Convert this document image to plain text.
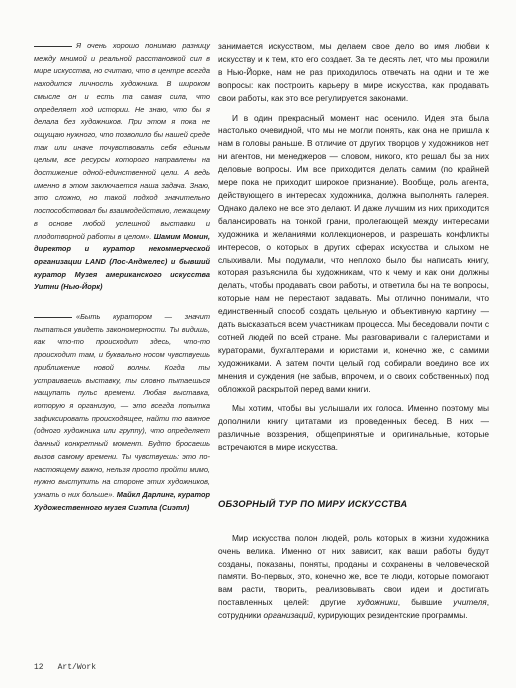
Я очень хорошо понимаю разницу между мнимой и реальной расстановкой сил в мире искусства, но считаю, что в центре всегда находится личность художника. В широком смысле он и есть та самая сила, что определяет ход истории. Не знаю, что бы я делала без художников. При этом я пока не ощущаю нужного, что позволило бы нашей среде так или иначе почувствовать себя единым целым, все ресурсы которого направлены на достижение одной-единственной цели. А ведь именно в этом заключается наша задача. Знаю, это сложно, но такой подход значительно поспособствовал бы взаимодействию, лежащему в основе любой успешной выставки и плодотворной работы в целом». Шамим Момин, директор и куратор некоммерческой организации LAND (Лос-Анджелес) и бывший куратор Музея американского искусства Уитни (Нью-Йорк)

«Быть куратором — значит пытаться увидеть закономерности. Ты видишь, как что-то происходит здесь, что-то происходит там, и буквально носом чувствуешь приближение новой волны. Когда ты устраиваешь выставку, ты словно пытаешься нащупать пульс времени. Любая выставка, которую я организую, — это всегда попытка зафиксировать происходящее, найти то важное (одного художника или группу), что определяет данный конкретный момент. Будто бросаешь вызов самому времени. Ты чувствуешь: это по-настоящему важно, нельзя просто пройти мимо, нужно выступить на стороне этих художников, узнать о них больше». Майкл Дарлинг, куратор Художественного музея Сиэтла (Сиэтл)

занимается искусством, мы делаем свое дело во имя любви к искусству и к тем, кто его создает. За те десять лет, что мы прожили в Нью-Йорке, нам не раз приходилось отвечать на одни и те же вопросы: как построить карьеру в мире искусства, как продавать свои работы, как это все регулируется законами.

И в один прекрасный момент нас осенило. Идея эта была настолько очевидной, что мы не могли понять, как она не пришла к нам в головы раньше. В отличие от других творцов у художников нет ни агентов, ни менеджеров — словом, никого, кто решал бы за них деловые вопросы. Им все приходится делать самим (по крайней мере пока не приходит широкое признание). Вообще, роль агента, действующего в интересах художника, должна выполнять галерея. Однако далеко не все это делают. И даже лучшим из них приходится балансировать на тонкой грани, пролегающей между интересами художника и желаниями коллекционеров, и разрешать конфликты интересов, о которых в других сферах искусства и слыхом не слыхивали. Мы подумали, что неплохо было бы написать книгу, которая разъяснила бы художникам, что к чему и как они должны делать, чтобы продавать свои работы, и ответила бы на те вопросы, которые нам не перестают задавать. Мы отлично понимали, что единственный способ создать цельную и объективную картину — дать высказаться всем участникам процесса. Мы беседовали почти с сотней людей по всей стране. Мы разговаривали с галеристами и кураторами, бухгалтерами и юристами и, конечно же, с самими художниками. А затем почти целый год собирали воедино все их мнения и суждения (не забыв, впрочем, и о своих собственных) под обложкой раскрытой перед вами книги.

Мы хотим, чтобы вы услышали их голоса. Именно поэтому мы дополнили книгу цитатами из проведенных бесед. В них — различные воззрения, общепринятые и оригинальные, которые встречаются в мире искусства.

ОБЗОРНЫЙ ТУР ПО МИРУ ИСКУССТВА

Мир искусства полон людей, роль которых в жизни художника очень велика. Именно от них зависит, как ваши работы будут созданы, показаны, поняты, проданы и сохранены в человеческой памяти. Во-первых, это, конечно же, все те люди, которые помогают вам расти, творить, реализовывать свои идеи и достигать поставленных целей: другие художники, бывшие учителя, сотрудники организаций, курирующих резидентские программы.

12 Art/Work
